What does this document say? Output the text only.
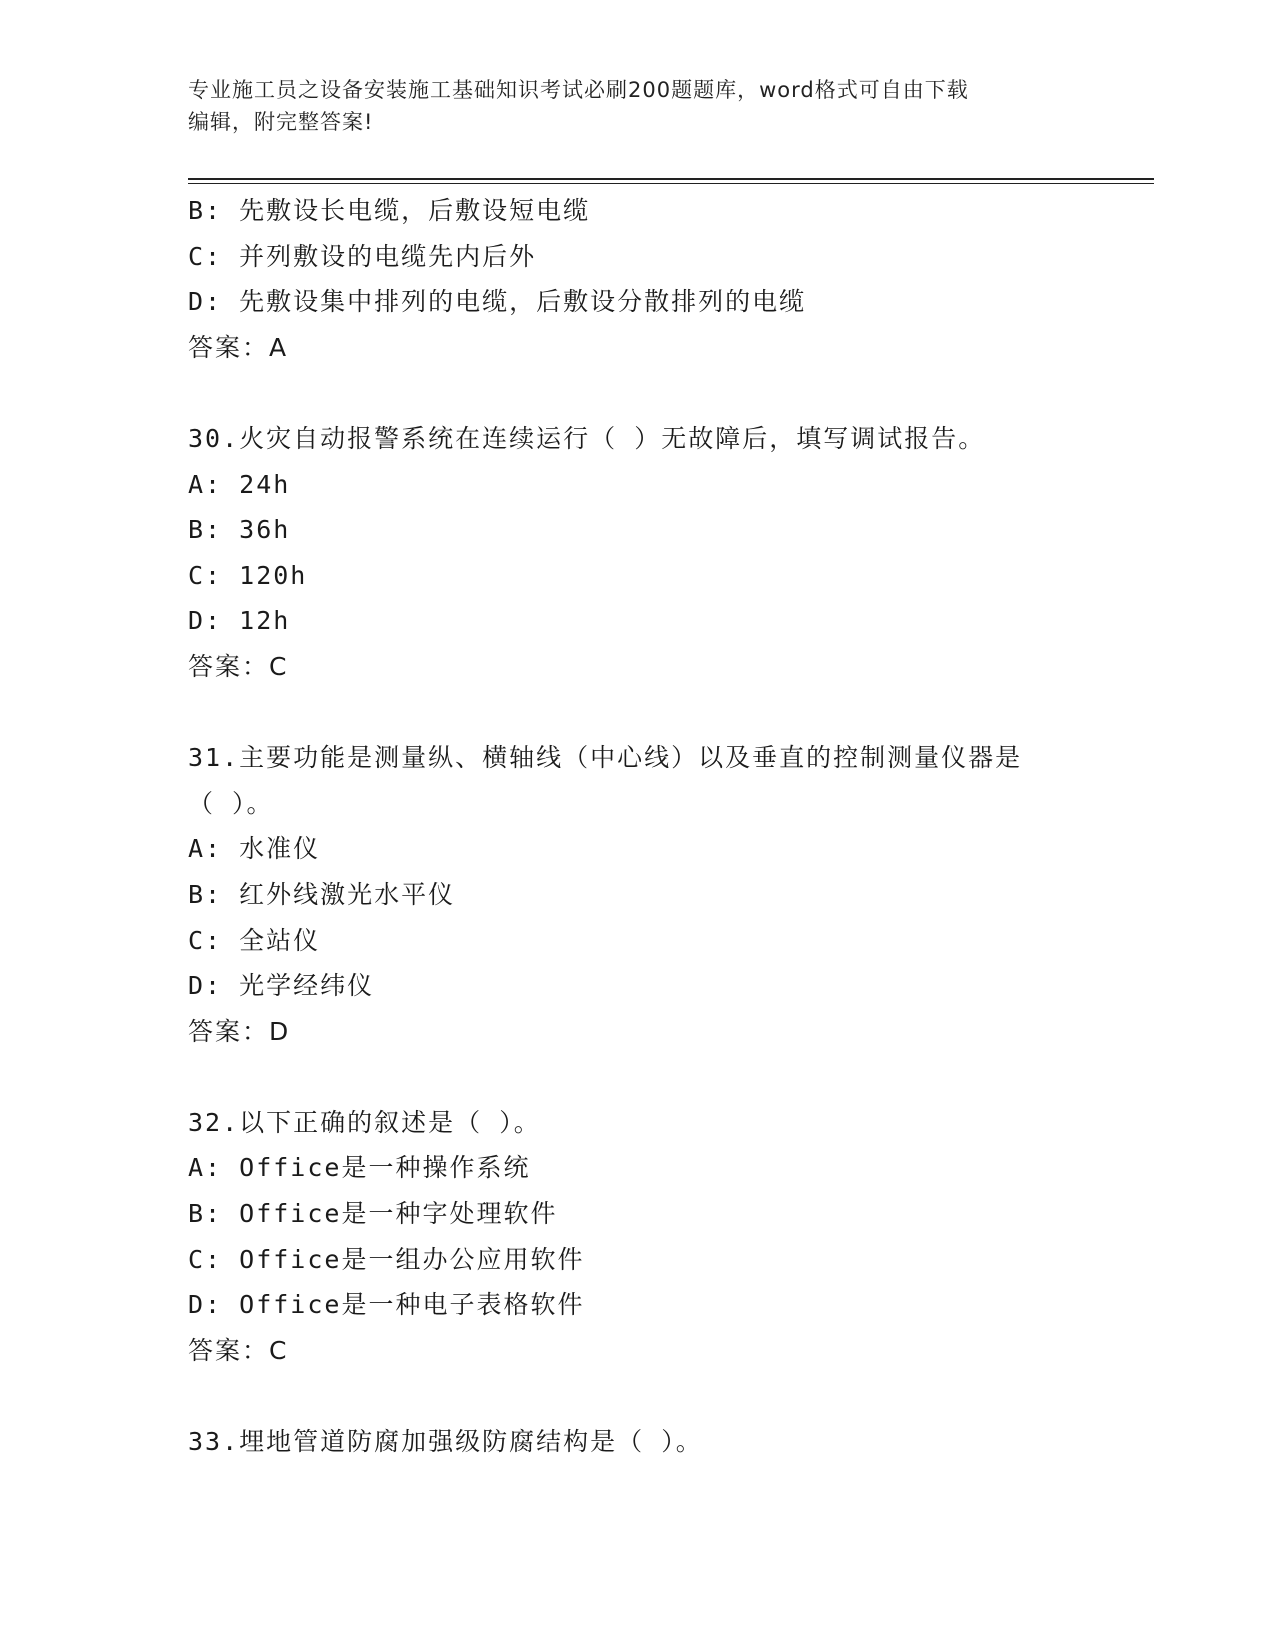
专业施工员之设备安装施工基础知识考试必刷200题题库，word格式可自由下载
编辑，附完整答案!
B: 先敷设长电缆，后敷设短电缆
C: 并列敷设的电缆先内后外
D: 先敷设集中排列的电缆，后敷设分散排列的电缆
答案：A
30.火灾自动报警系统在连续运行（ ）无故障后，填写调试报告。
A: 24h
B: 36h
C: 120h
D: 12h
答案：C
31.主要功能是测量纵、横轴线（中心线）以及垂直的控制测量仪器是
（ ）。
A: 水准仪
B: 红外线激光水平仪
C: 全站仪
D: 光学经纬仪
答案：D
32.以下正确的叙述是（ ）。
A: Office是一种操作系统
B: Office是一种字处理软件
C: Office是一组办公应用软件
D: Office是一种电子表格软件
答案：C
33.埋地管道防腐加强级防腐结构是（ ）。
